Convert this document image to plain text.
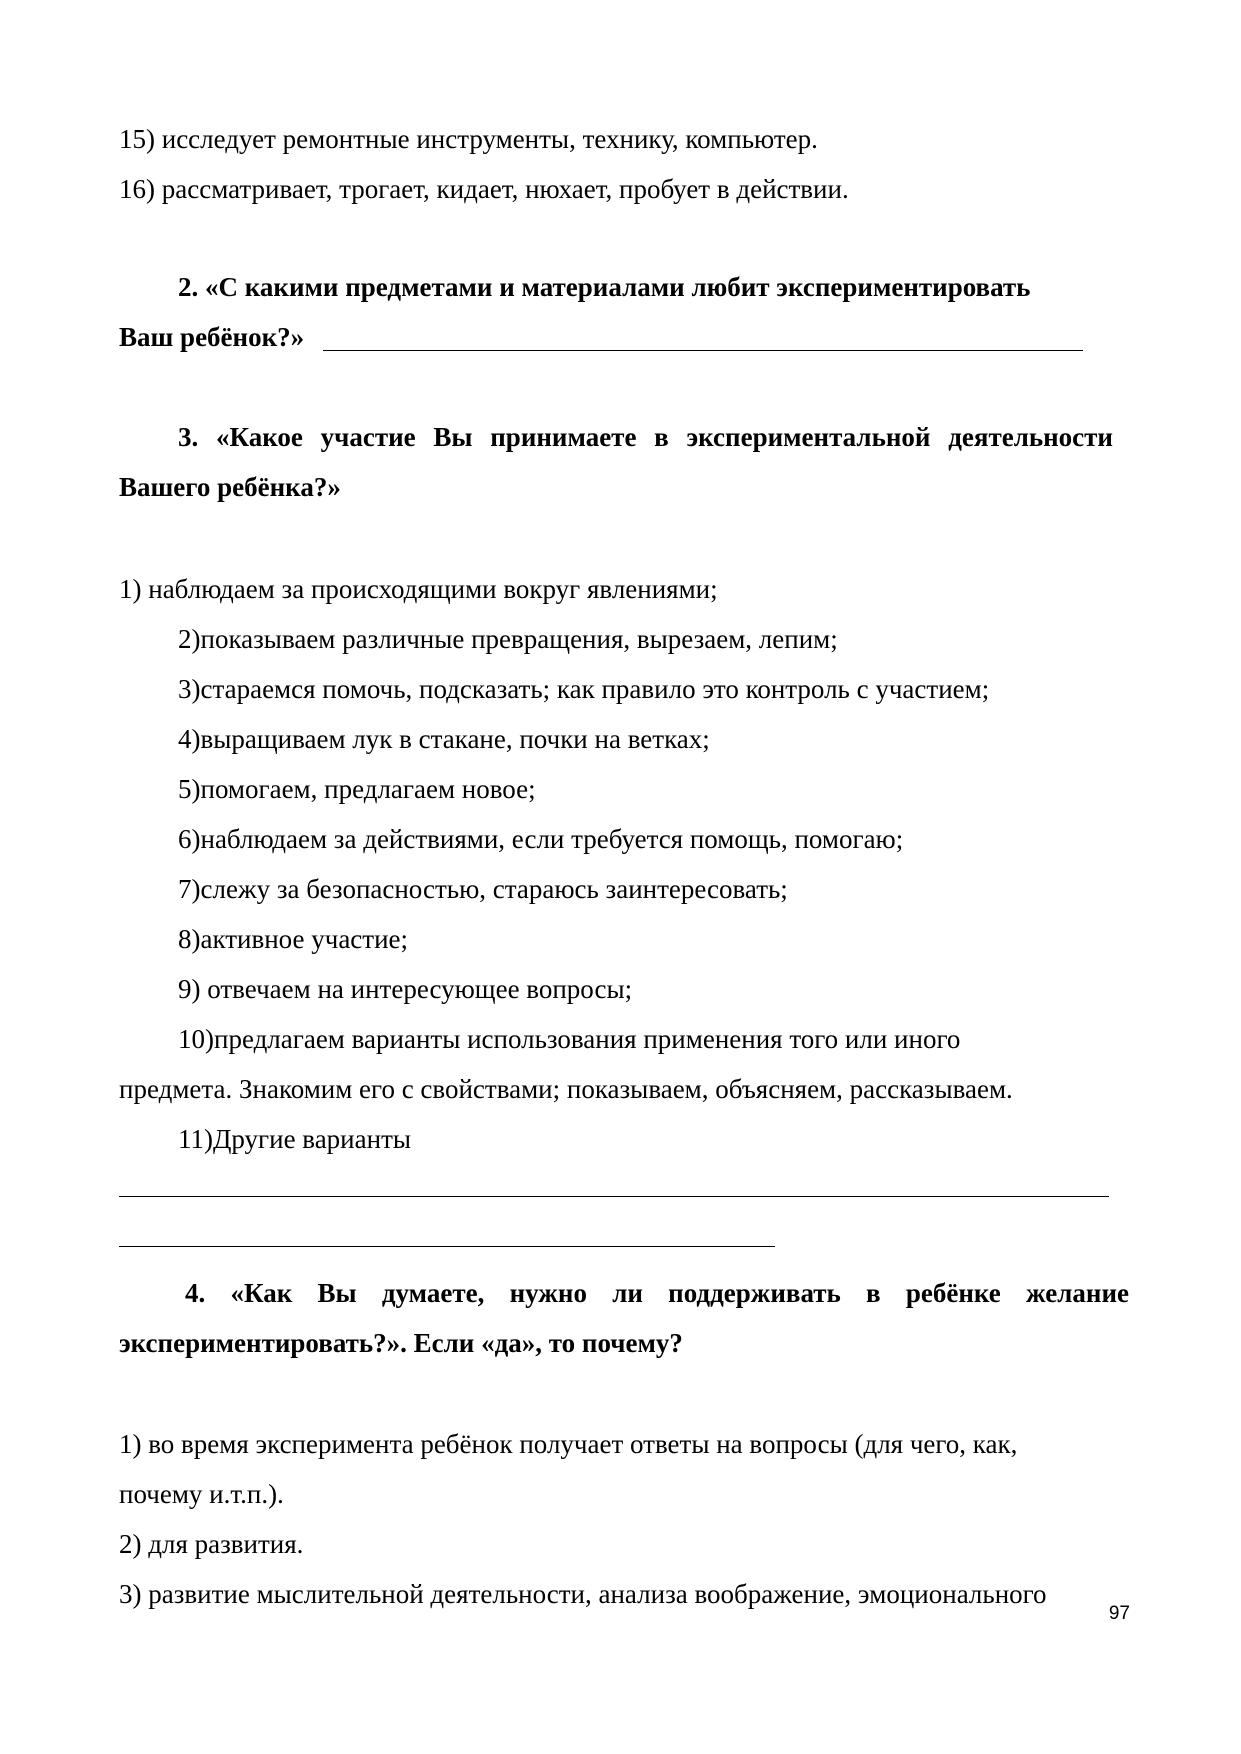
15) исследует ремонтные инструменты, технику, компьютер.
16) рассматривает, трогает, кидает, нюхает, пробует в действии.
2. «С какими предметами и материалами любит экспериментировать
Ваш ребёнок?»
3. «Какое участие Вы принимаете в экспериментальной деятельности
Вашего ребёнка?»
1) наблюдаем за происходящими вокруг явлениями;
2)показываем различные превращения, вырезаем, лепим;
3)стараемся помочь, подсказать; как правило это контроль с участием;
4)выращиваем лук в стакане, почки на ветках;
5)помогаем, предлагаем новое;
6)наблюдаем за действиями, если требуется помощь, помогаю;
7)слежу за безопасностью, стараюсь заинтересовать;
8)активное участие;
9) отвечаем на интересующее вопросы;
10)предлагаем варианты использования применения того или иного
предмета. Знакомим его с свойствами; показываем, объясняем, рассказываем.
11)Другие варианты
4. «Как Вы думаете, нужно ли поддерживать в ребёнке желание
экспериментировать?». Если «да», то почему?
1) во время эксперимента ребёнок получает ответы на вопросы (для чего, как,
почему и.т.п.).
2) для развития.
3) развитие мыслительной деятельности, анализа воображение, эмоционального
97
